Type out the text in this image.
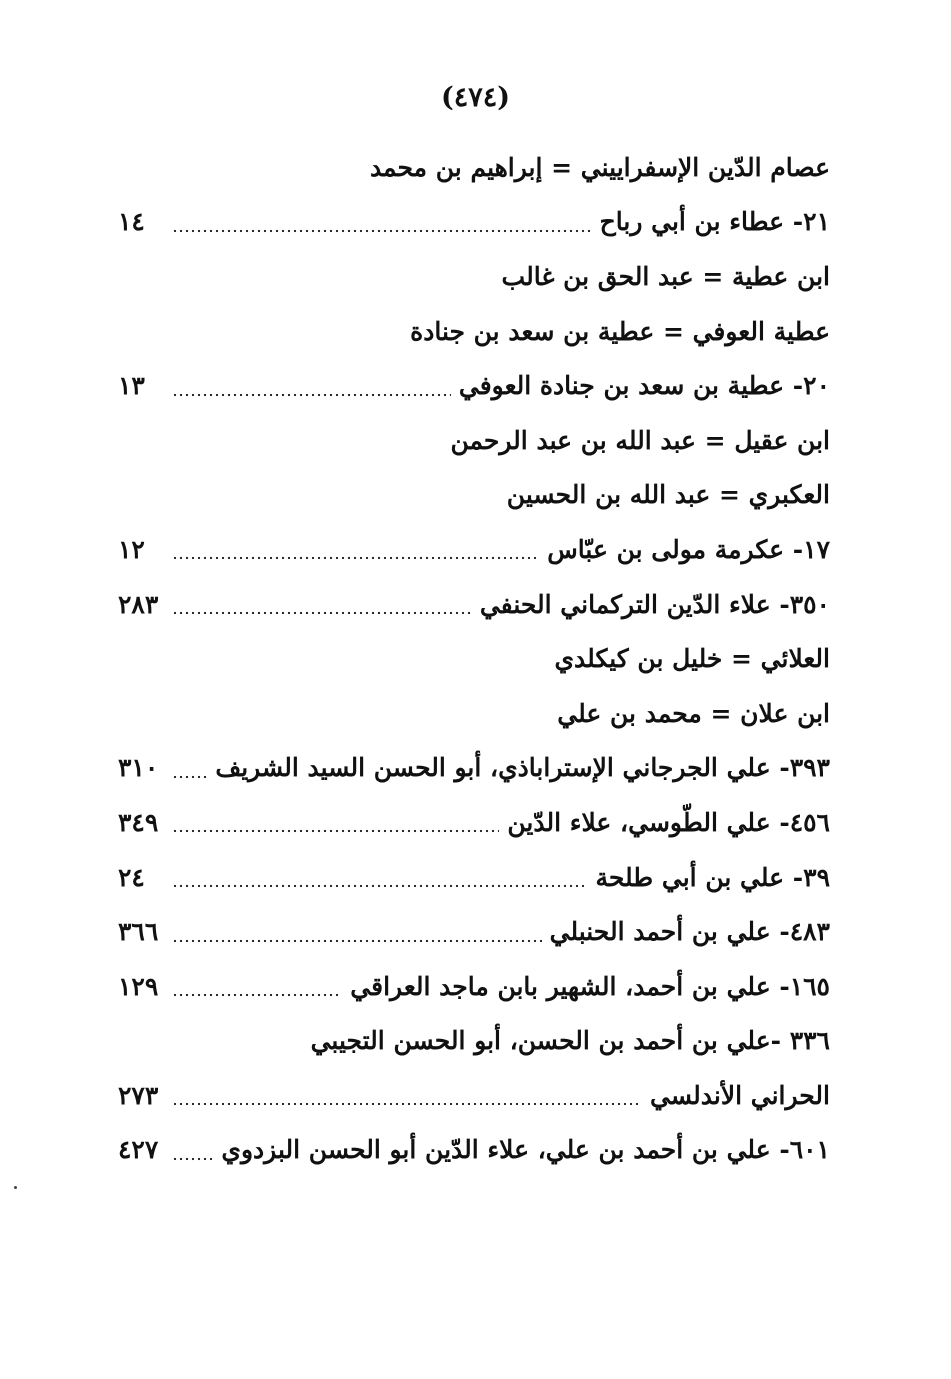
(٤٧٤)
عصام الدّين الإسفراييني = إبراهيم بن محمد
٢١- عطاء بن أبي رباح
١٤
ابن عطية = عبد الحق بن غالب
عطية العوفي = عطية بن سعد بن جنادة
٢٠- عطية بن سعد بن جنادة العوفي
١٣
ابن عقيل = عبد الله بن عبد الرحمن
العكبري = عبد الله بن الحسين
١٧- عكرمة مولى بن عبّاس
١٢
٣٥٠- علاء الدّين التركماني الحنفي
٢٨٣
العلائي = خليل بن كيكلدي
ابن علان = محمد بن علي
٣٩٣- علي الجرجاني الإستراباذي، أبو الحسن السيد الشريف
٣١٠
٤٥٦- علي الطّوسي، علاء الدّين
٣٤٩
٣٩- علي بن أبي طلحة
٢٤
٤٨٣- علي بن أحمد الحنبلي
٣٦٦
١٦٥- علي بن أحمد، الشهير بابن ماجد العراقي
١٢٩
٣٣٦ -علي بن أحمد بن الحسن، أبو الحسن التجيبي
الحراني الأندلسي
٢٧٣
٦٠١- علي بن أحمد بن علي، علاء الدّين أبو الحسن البزدوي
٤٢٧
